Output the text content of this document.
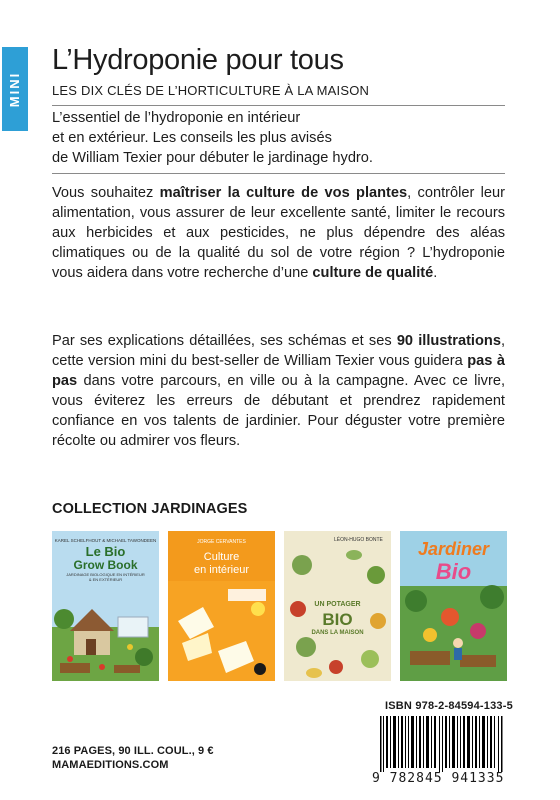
MINI
L’Hydroponie pour tous
LES DIX CLÉS DE L’HORTICULTURE À LA MAISON
L’essentiel de l’hydroponie en intérieur
et en extérieur. Les conseils les plus avisés
de William Texier pour débuter le jardinage hydro.
Vous souhaitez maîtriser la culture de vos plantes, contrôler leur alimentation, vous assurer de leur excellente santé, limiter le recours aux herbicides et aux pesticides, ne plus dépendre des aléas climatiques ou de la qualité du sol de votre région ? L’hydroponie vous aidera dans votre recherche d’une culture de qualité.
Par ses explications détaillées, ses schémas et ses 90 illustrations, cette version mini du best-seller de William Texier vous guidera pas à pas dans votre parcours, en ville ou à la campagne. Avec ce livre, vous éviterez les erreurs de débutant et prendrez rapidement confiance en vos talents de jardinier. Pour déguster votre première récolte ou admirer vos fleurs.
COLLECTION JARDINAGES
KAREL SCHELFHOUT & MICHAEL TAWONDEEN
Le Bio
Grow Book
JARDINAGE BIOLOGIQUE EN INTÉRIEUR & EN EXTÉRIEUR
JORGE CERVANTES
Culture
en intérieur
LÉON-HUGO BONTE
UN POTAGER
BIO
DANS LA MAISON
Jardiner
Bio
ISBN 978-2-84594-133-5
9 782845 941335
216 PAGES, 90 ILL. COUL., 9 €
MAMAEDITIONS.COM
